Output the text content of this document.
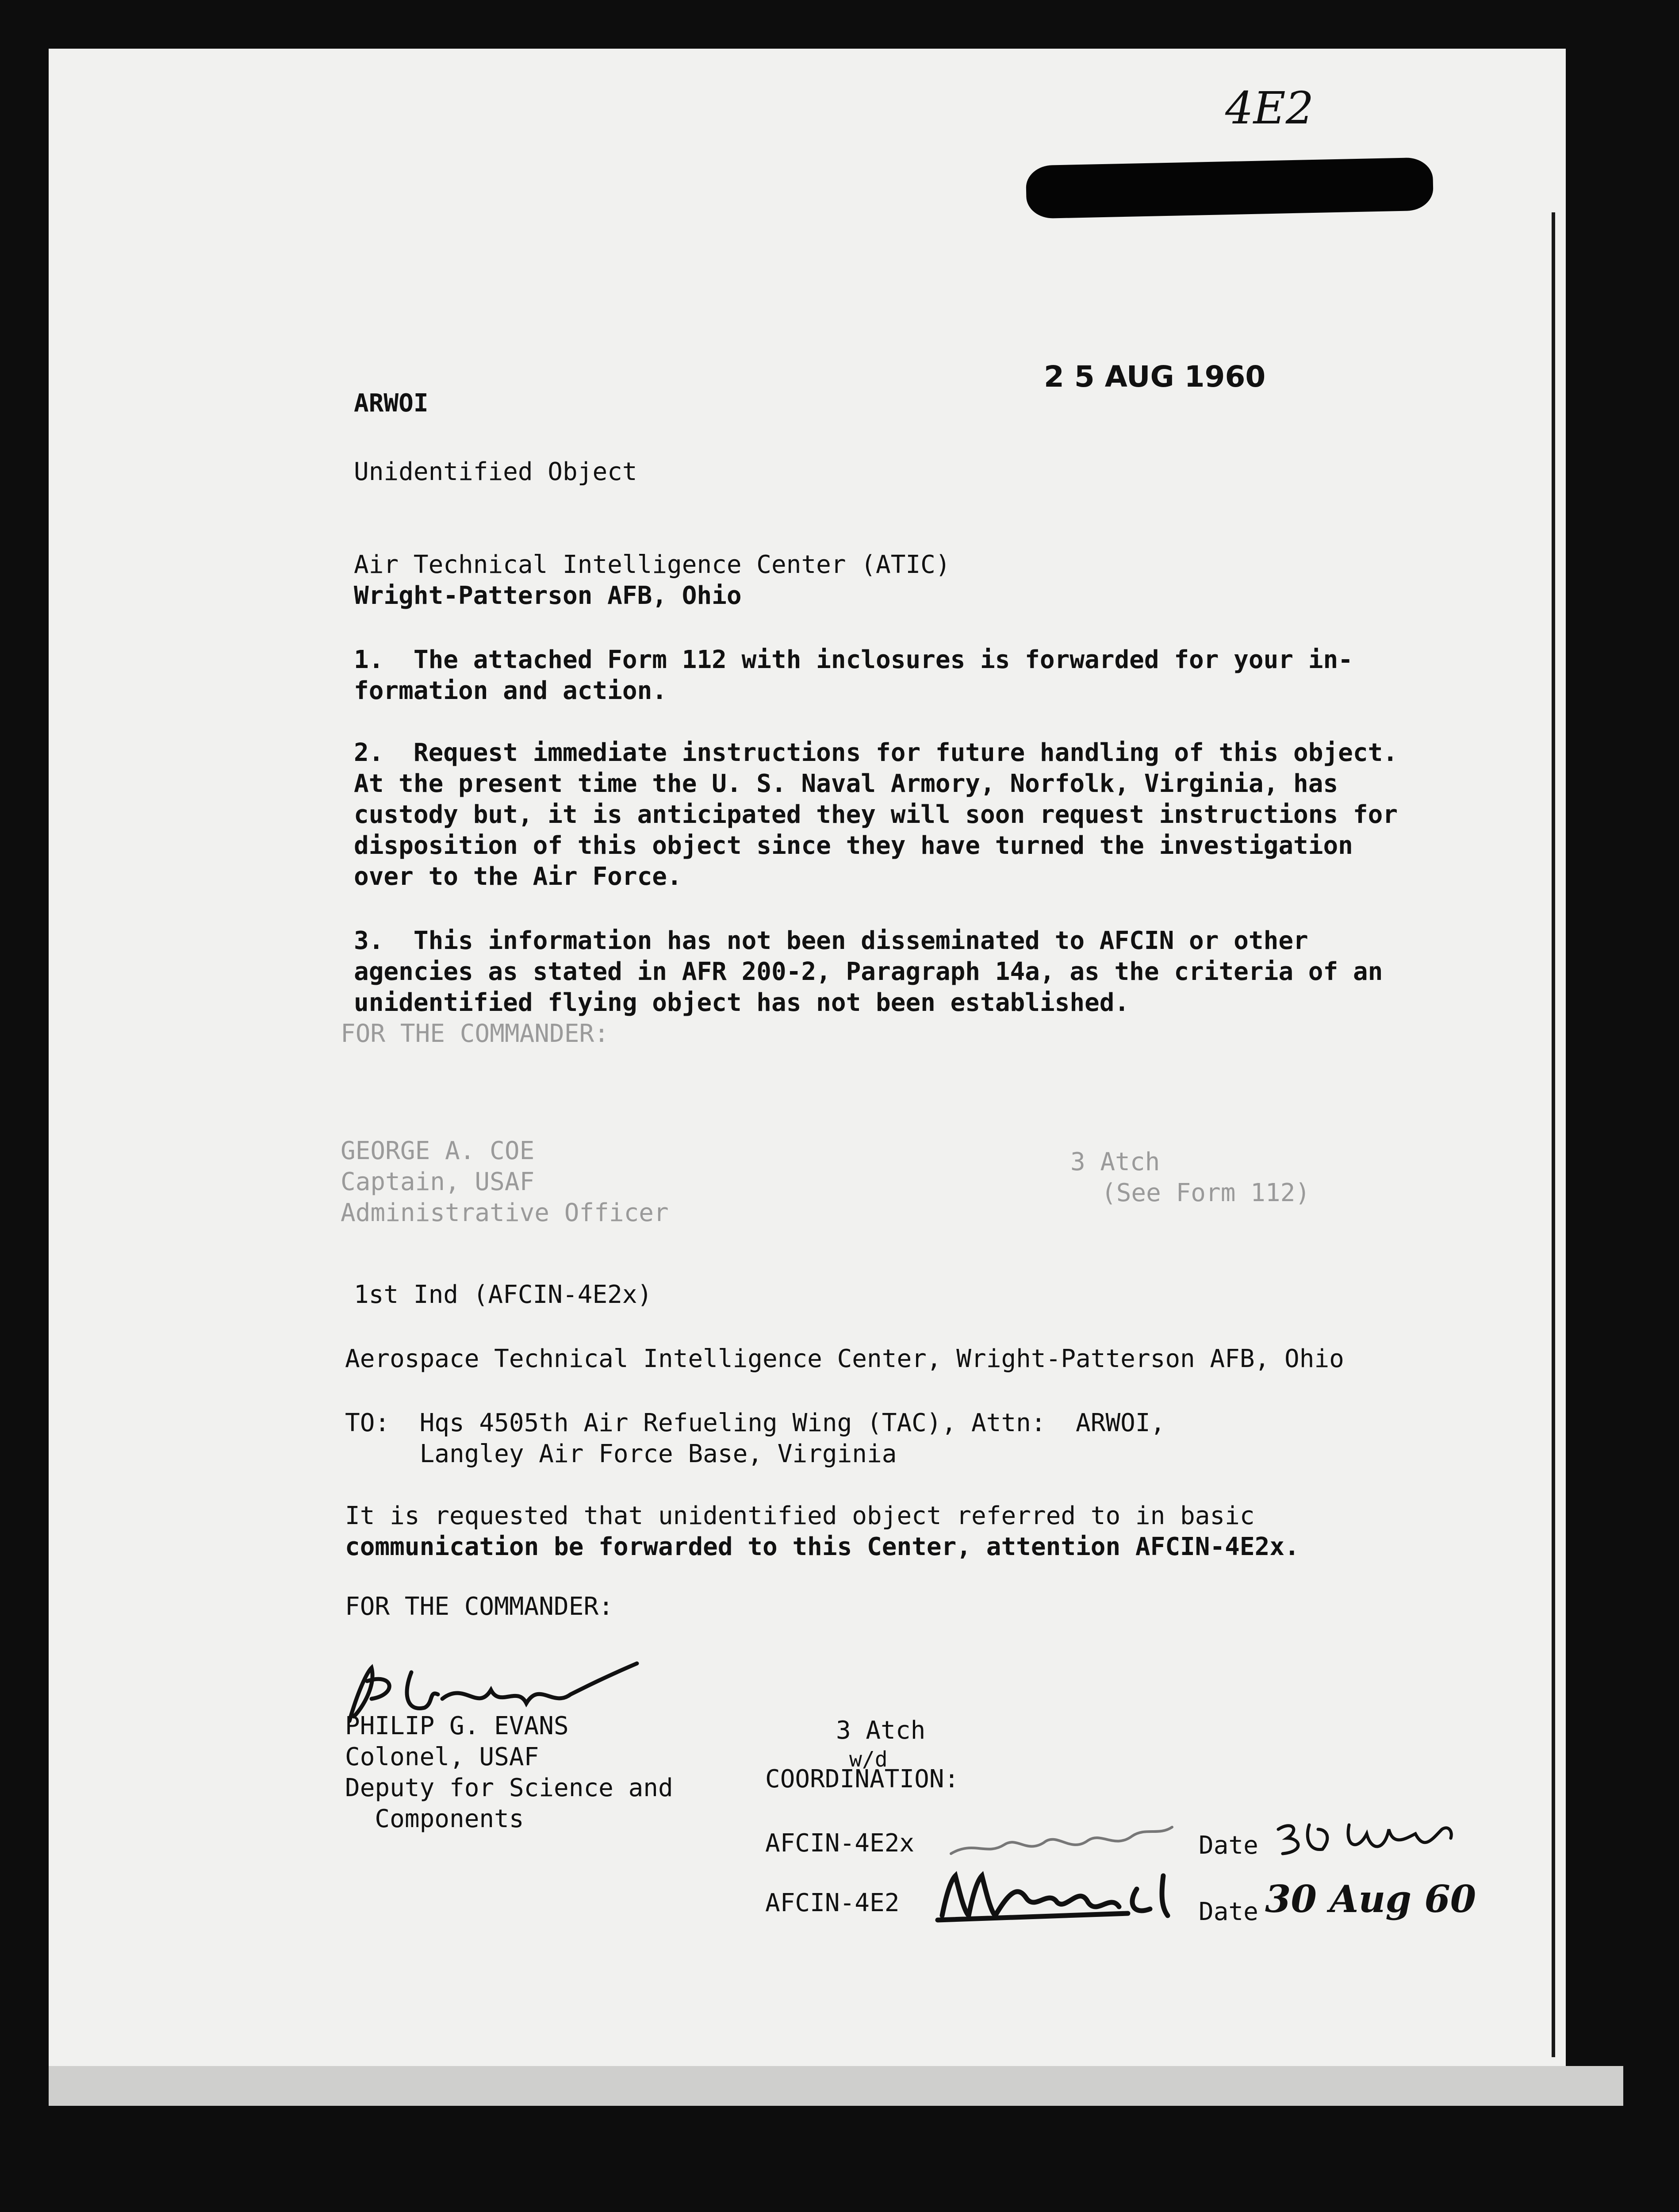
4E2
2 5 AUG 1960
ARWOI
Unidentified Object
Air Technical Intelligence Center (ATIC)
Wright-Patterson AFB, Ohio
1.  The attached Form 112 with inclosures is forwarded for your in-
formation and action.
2.  Request immediate instructions for future handling of this object.
At the present time the U. S. Naval Armory, Norfolk, Virginia, has
custody but, it is anticipated they will soon request instructions for
disposition of this object since they have turned the investigation
over to the Air Force.
3.  This information has not been disseminated to AFCIN or other
agencies as stated in AFR 200-2, Paragraph 14a, as the criteria of an
unidentified flying object has not been established.
FOR THE COMMANDER:
GEORGE A. COE
Captain, USAF
Administrative Officer
3 Atch
(See Form 112)
1st Ind (AFCIN-4E2x)
Aerospace Technical Intelligence Center, Wright-Patterson AFB, Ohio
TO:  Hqs 4505th Air Refueling Wing (TAC), Attn:  ARWOI,
Langley Air Force Base, Virginia
It is requested that unidentified object referred to in basic
communication be forwarded to this Center, attention AFCIN-4E2x.
FOR THE COMMANDER:
PHILIP G. EVANS
Colonel, USAF
Deputy for Science and
Components
3 Atch
w/d
COORDINATION:
AFCIN-4E2x	Date
AFCIN-4E2	Date 30 Aug 60
